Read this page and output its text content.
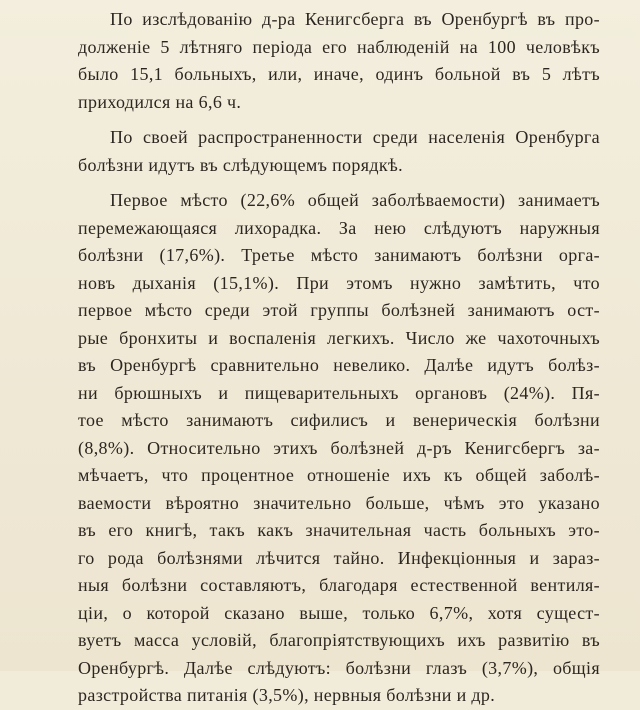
По изслѣдованію д-ра Кенигсберга въ Оренбургѣ въ про-
долженіе 5 лѣтняго періода его наблюденій на 100 человѣкъ
было 15,1 больныхъ, или, иначе, одинъ больной въ 5 лѣтъ
приходился на 6,6 ч.
По своей распространенности среди населенія Оренбурга
болѣзни идутъ въ слѣдующемъ порядкѣ.
Первое мѣсто (22,6% общей заболѣваемости) занимаетъ
перемежающаяся лихорадка. За нею слѣдуютъ наружныя
болѣзни (17,6%). Третье мѣсто занимаютъ болѣзни орга-
новъ дыханія (15,1%). При этомъ нужно замѣтить, что
первое мѣсто среди этой группы болѣзней занимаютъ ост-
рые бронхиты и воспаленія легкихъ. Число же чахоточныхъ
въ Оренбургѣ сравнительно невелико. Далѣе идутъ болѣз-
ни брюшныхъ и пищеварительныхъ органовъ (24%). Пя-
тое мѣсто занимаютъ сифилисъ и венерическія болѣзни
(8,8%). Относительно этихъ болѣзней д-ръ Кенигсбергъ за-
мѣчаетъ, что процентное отношеніе ихъ къ общей заболѣ-
ваемости вѣроятно значительно больше, чѣмъ это указано
въ его книгѣ, такъ какъ значительная часть больныхъ это-
го рода болѣзнями лѣчится тайно. Инфекціонныя и зараз-
ныя болѣзни составляютъ, благодаря естественной вентиля-
ціи, о которой сказано выше, только 6,7%, хотя сущест-
вуетъ масса условій, благопріятствующихъ ихъ развитію въ
Оренбургѣ. Далѣе слѣдуютъ: болѣзни глазъ (3,7%), общія
разстройства питанія (3,5%), нервныя болѣзни и др.
